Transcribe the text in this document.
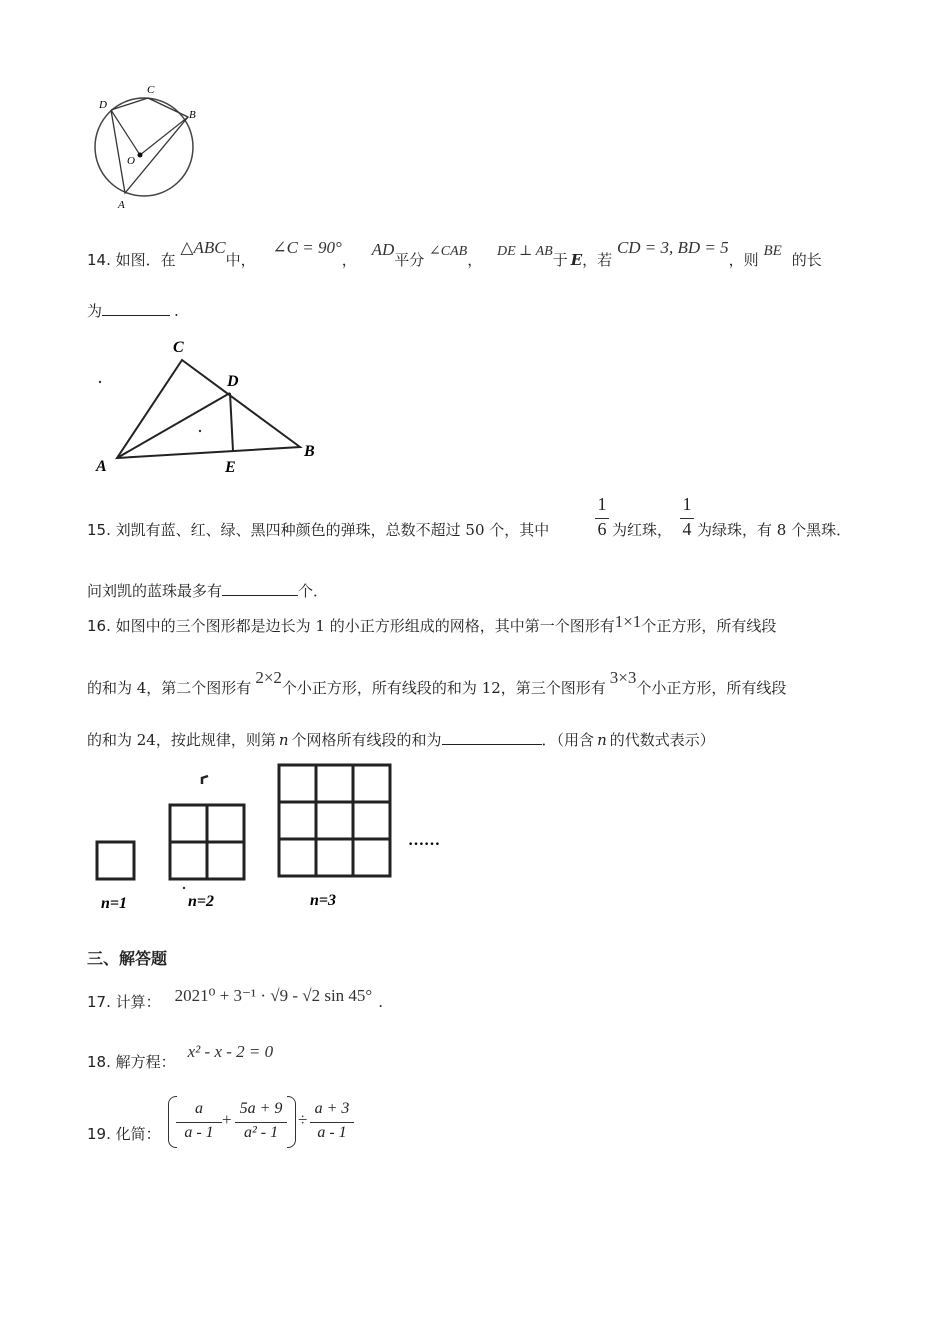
D
C
B
O
A
14. 如图．在 △ABC中， ∠C = 90°， AD平分 ∠CAB， DE ⊥ AB于 E，若 CD = 3, BD = 5，则 BE 的长
为	.
C
D
A	E
B
15. 刘凯有蓝、红、绿、黑四种颜色的弹珠，总数不超过 50 个，其中
1
6 为红珠，
1
4 为绿珠，有 8 个黑珠．
问刘凯的蓝珠最多有	个．
16. 如图中的三个图形都是边长为 1 的小正方形组成的网格，其中第一个图形有1×1个正方形，所有线段
的和为 4，第二个图形有2×2个小正方形，所有线段的和为 12，第三个图形有3×3个小正方形，所有线段
的和为 24，按此规律，则第 n 个网格所有线段的和为	．（用含 n 的代数式表示）
……
n=1	n=2	n=3
三、解答题
17. 计算： 2021⁰ + 3⁻¹ · √9 - √2 sin 45° .
18. 解方程：x² - x - 2 = 0
19. 化简：
a
a - 1
+
5a + 9
a² - 1
÷
a + 3
a - 1
